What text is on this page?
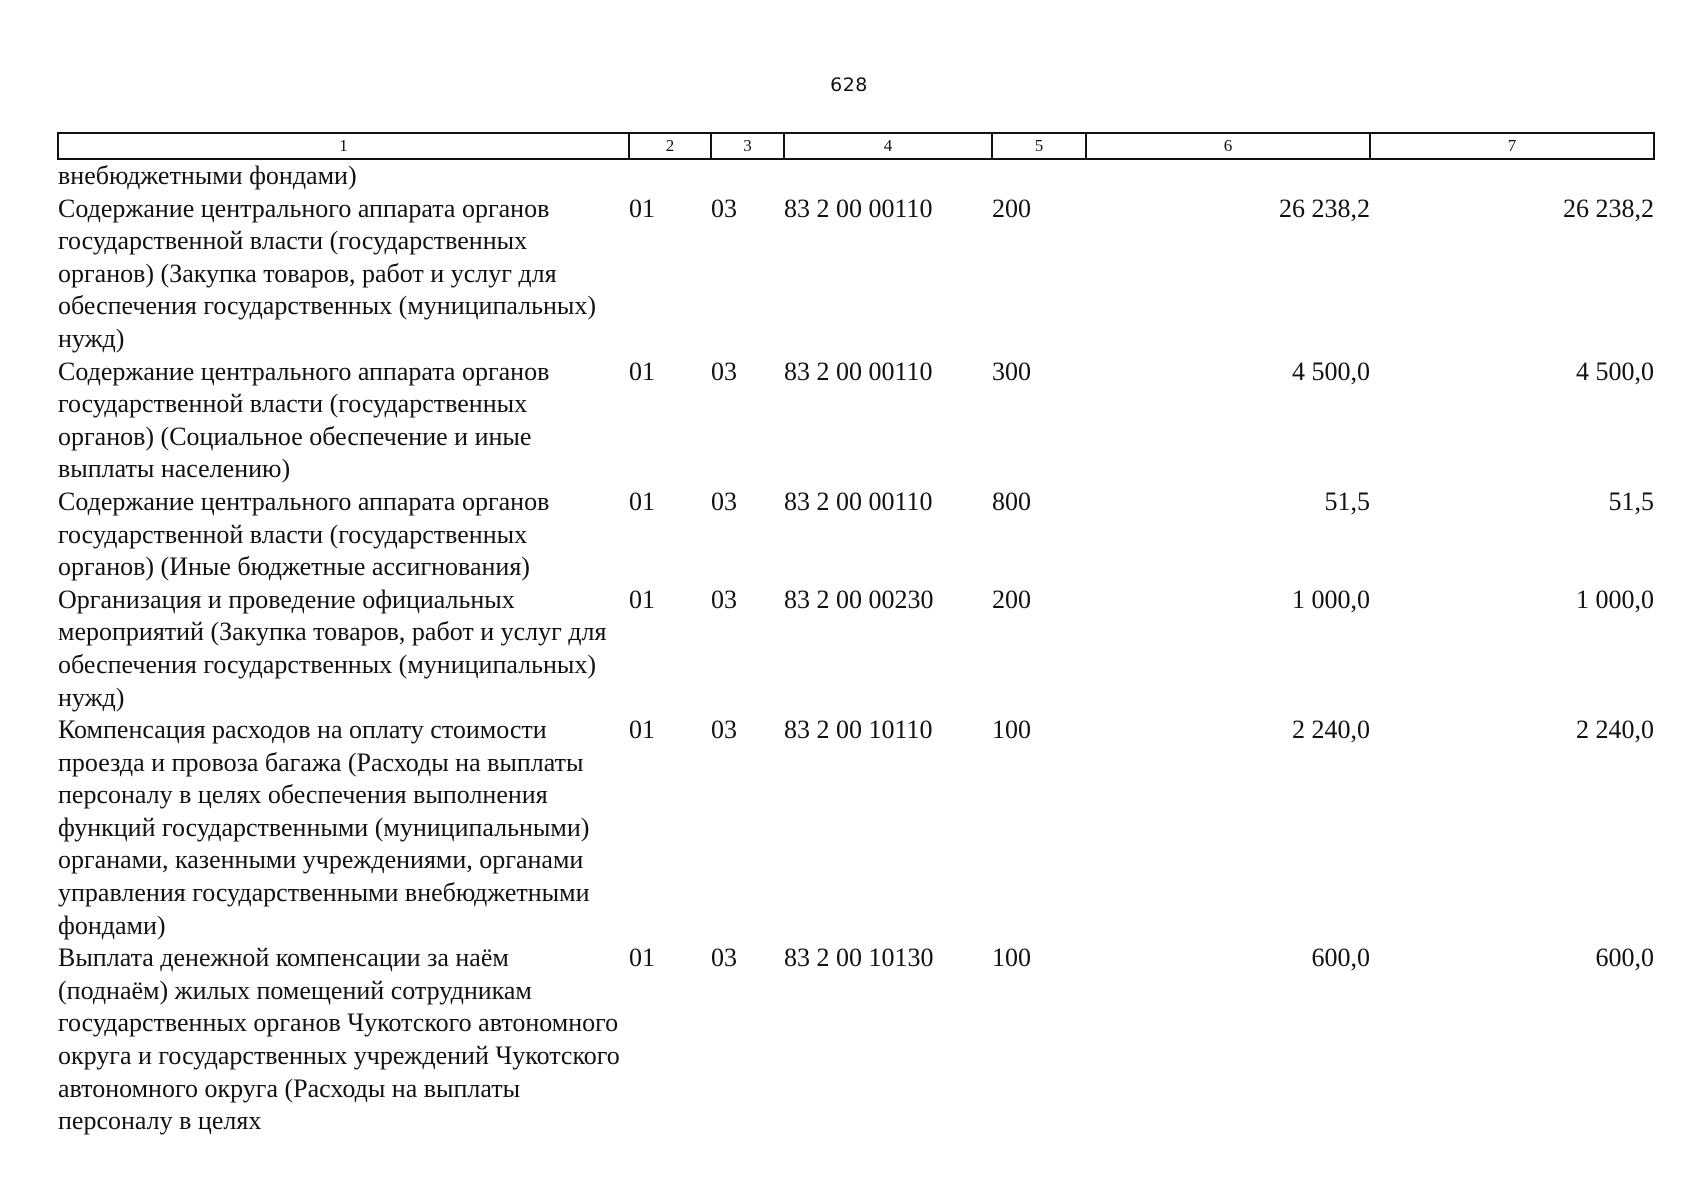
628
1	2	3	4	5	6	7
внебюджетными фондами)						
Содержание центрального аппарата органов государственной власти (государственных органов) (Закупка товаров, работ и услуг для обеспечения государственных (муниципальных) нужд)	01	03	83 2 00 00110	200	26 238,2	26 238,2
Содержание центрального аппарата органов государственной власти (государственных органов) (Социальное обеспечение и иные выплаты населению)	01	03	83 2 00 00110	300	4 500,0	4 500,0
Содержание центрального аппарата органов государственной власти (государственных органов) (Иные бюджетные ассигнования)	01	03	83 2 00 00110	800	51,5	51,5
Организация и проведение официальных мероприятий (Закупка товаров, работ и услуг для обеспечения государственных (муниципальных) нужд)	01	03	83 2 00 00230	200	1 000,0	1 000,0
Компенсация расходов на оплату стоимости проезда и провоза багажа (Расходы на выплаты персоналу в целях обеспечения выполнения функций государственными (муниципальными) органами, казенными учреждениями, органами управления государственными внебюджетными фондами)	01	03	83 2 00 10110	100	2 240,0	2 240,0
Выплата денежной компенсации за наём (поднаём) жилых помещений сотрудникам государственных органов Чукотского автономного округа и государственных учреждений Чукотского автономного округа (Расходы на выплаты персоналу в целях	01	03	83 2 00 10130	100	600,0	600,0
